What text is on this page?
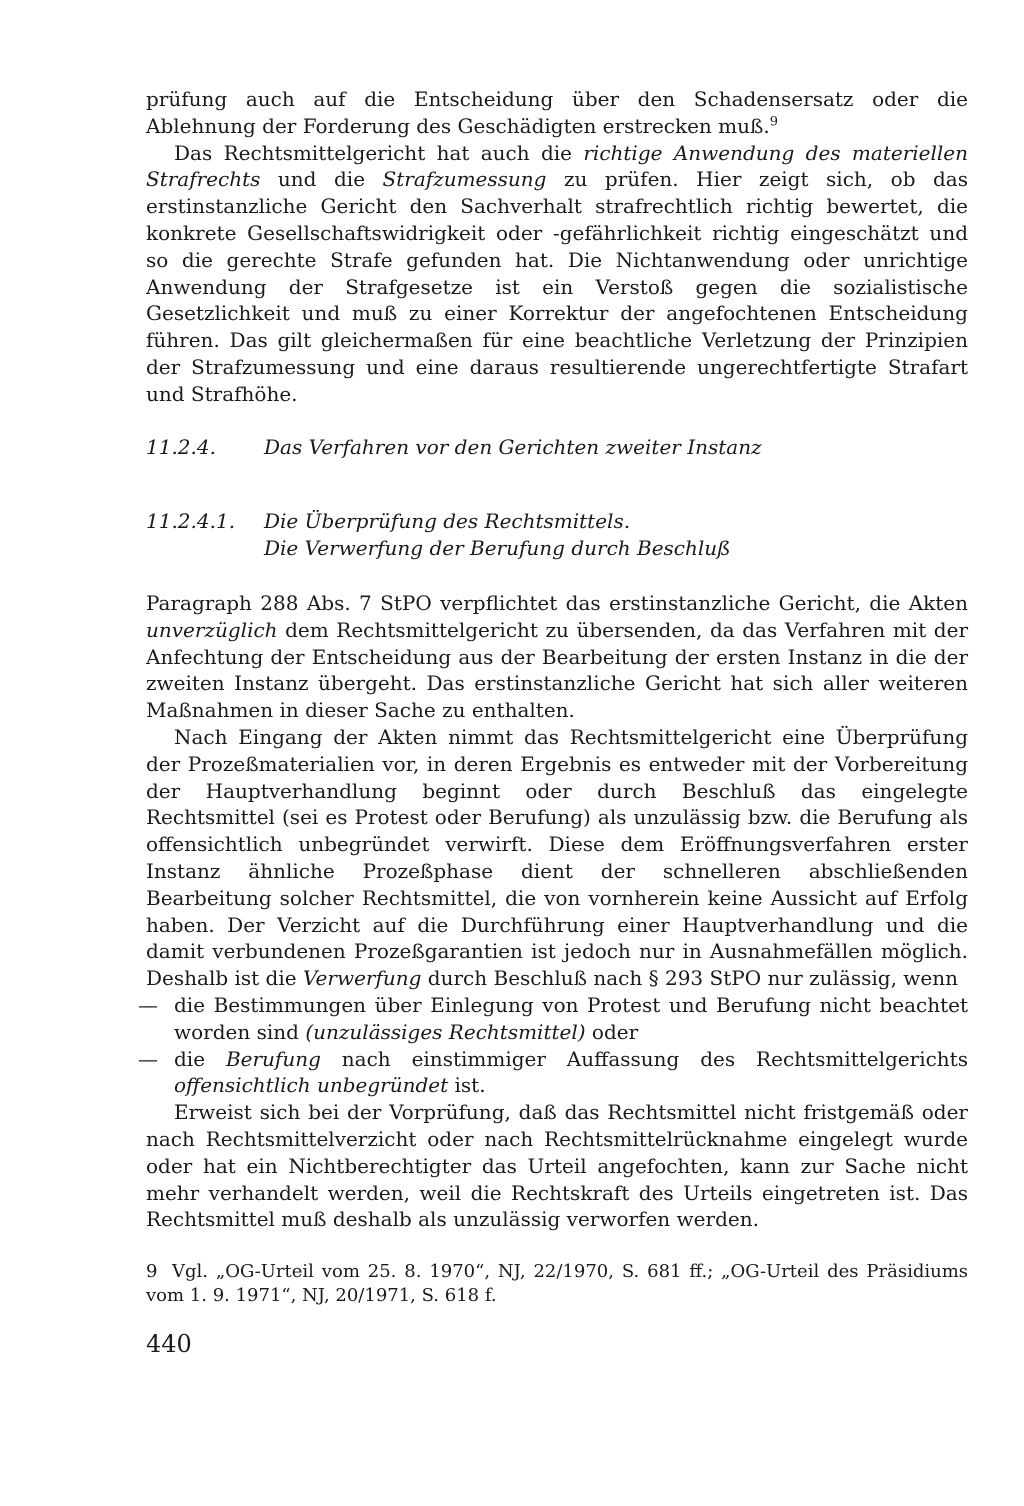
prüfung auch auf die Entscheidung über den Schadensersatz oder die Ablehnung der Forderung des Geschädigten erstrecken muß.$^9$

Das Rechtsmittelgericht hat auch die richtige Anwendung des materiellen Strafrechts und die Strafzumessung zu prüfen. Hier zeigt sich, ob das erstinstanzliche Gericht den Sachverhalt strafrechtlich richtig bewertet, die konkrete Gesellschaftswidrigkeit oder -gefährlichkeit richtig eingeschätzt und so die gerechte Strafe gefunden hat. Die Nichtanwendung oder unrichtige Anwendung der Strafgesetze ist ein Verstoß gegen die sozialistische Gesetzlichkeit und muß zu einer Korrektur der angefochtenen Entscheidung führen. Das gilt gleichermaßen für eine beachtliche Verletzung der Prinzipien der Strafzumessung und eine daraus resultierende ungerechtfertigte Strafart und Strafhöhe.

11.2.4. Das Verfahren vor den Gerichten zweiter Instanz
11.2.4.1. Die Überprüfung des Rechtsmittels.
Die Verwerfung der Berufung durch Beschluß

Paragraph 288 Abs. 7 StPO verpflichtet das erstinstanzliche Gericht, die Akten unverzüglich dem Rechtsmittelgericht zu übersenden, da das Verfahren mit der Anfechtung der Entscheidung aus der Bearbeitung der ersten Instanz in die der zweiten Instanz übergeht. Das erstinstanzliche Gericht hat sich aller weiteren Maßnahmen in dieser Sache zu enthalten.

Nach Eingang der Akten nimmt das Rechtsmittelgericht eine Überprüfung der Prozeßmaterialien vor, in deren Ergebnis es entweder mit der Vorbereitung der Hauptverhandlung beginnt oder durch Beschluß das eingelegte Rechtsmittel (sei es Protest oder Berufung) als unzulässig bzw. die Berufung als offensichtlich unbegründet verwirft. Diese dem Eröffnungsverfahren erster Instanz ähnliche Prozeßphase dient der schnelleren abschließenden Bearbeitung solcher Rechtsmittel, die von vornherein keine Aussicht auf Erfolg haben. Der Verzicht auf die Durchführung einer Hauptverhandlung und die damit verbundenen Prozeßgarantien ist jedoch nur in Ausnahmefällen möglich. Deshalb ist die Verwerfung durch Beschluß nach § 293 StPO nur zulässig, wenn

— die Bestimmungen über Einlegung von Protest und Berufung nicht beachtet worden sind (unzulässiges Rechtsmittel) oder
— die Berufung nach einstimmiger Auffassung des Rechtsmittelgerichts offensichtlich unbegründet ist.

Erweist sich bei der Vorprüfung, daß das Rechtsmittel nicht fristgemäß oder nach Rechtsmittelverzicht oder nach Rechtsmittelrücknahme eingelegt wurde oder hat ein Nichtberechtigter das Urteil angefochten, kann zur Sache nicht mehr verhandelt werden, weil die Rechtskraft des Urteils eingetreten ist. Das Rechtsmittel muß deshalb als unzulässig verworfen werden.

9 Vgl. „OG-Urteil vom 25. 8. 1970“, NJ, 22/1970, S. 681 ff.; „OG-Urteil des Präsidiums vom 1. 9. 1971“, NJ, 20/1971, S. 618 f.
440
